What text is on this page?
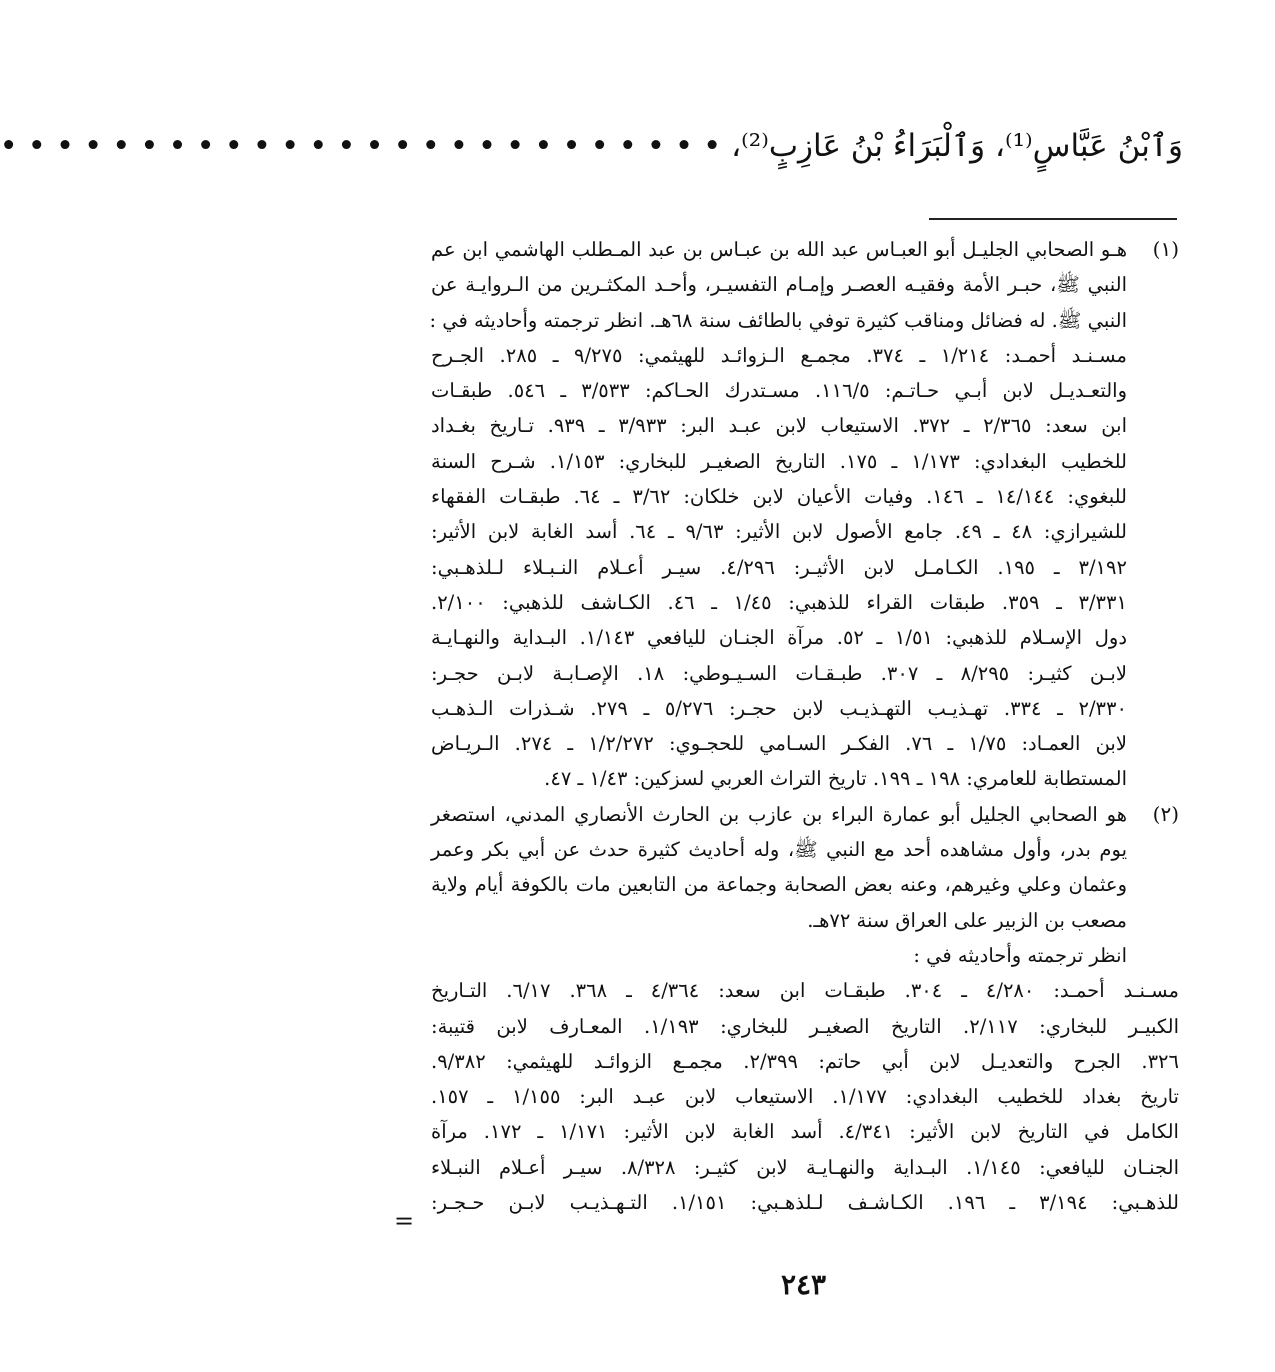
وَٱبْنُ عَبَّاسٍ⁽¹⁾، وَٱلْبَرَاءُ بْنُ عَازِبٍ⁽²⁾، • • • • • • • • • • • • • • • • • • • • • • • • • •
(١)
هـو الصحابي الجليـل أبو العبـاس عبد الله بن عبـاس بن عبد المـطلب الهاشمي ابن عم
النبي ﷺ، حبـر الأمة وفقيـه العصـر وإمـام التفسيـر، وأحـد المكثـرين من الـروايـة عن
النبي ﷺ. له فضائل ومناقب كثيرة توفي بالطائف سنة ٦٨هـ. انظر ترجمته وأحاديثه في :
مسـنـد أحمـد: ١/٢١٤ ـ ٣٧٤. مجمـع الـزوائـد للهيثمي: ٩/٢٧٥ ـ ٢٨٥. الجـرح
والتعـديـل لابن أبـي حـاتـم: ١١٦/٥. مسـتدرك الحـاكم: ٣/٥٣٣ ـ ٥٤٦. طبقـات
ابن سعد: ٢/٣٦٥ ـ ٣٧٢. الاستيعاب لابن عبـد البر: ٣/٩٣٣ ـ ٩٣٩. تـاريخ بغـداد
للخطيب البغدادي: ١/١٧٣ ـ ١٧٥. التاريخ الصغيـر للبخاري: ١/١٥٣. شـرح السنة
للبغوي: ١٤/١٤٤ ـ ١٤٦. وفيات الأعيان لابن خلكان: ٣/٦٢ ـ ٦٤. طبقـات الفقهاء
للشيرازي: ٤٨ ـ ٤٩. جامع الأصول لابن الأثير: ٩/٦٣ ـ ٦٤. أسد الغابة لابن الأثير:
٣/١٩٢ ـ ١٩٥. الكـامـل لابن الأثيـر: ٤/٢٩٦. سيـر أعـلام النـبـلاء لـلذهـبي:
٣/٣٣١ ـ ٣٥٩. طبقات القراء للذهبي: ١/٤٥ ـ ٤٦. الكـاشف للذهبي: ٢/١٠٠.
دول الإسـلام للذهبي: ١/٥١ ـ ٥٢. مرآة الجنـان لليافعي ١/١٤٣. البـداية والنهـايـة
لابـن كثيـر: ٨/٢٩٥ ـ ٣٠٧. طبـقـات السـيـوطي: ١٨. الإصـابـة لابـن حجـر:
٢/٣٣٠ ـ ٣٣٤. تهـذيـب التهـذيـب لابن حجـر: ٥/٢٧٦ ـ ٢٧٩. شـذرات الـذهـب
لابن العمـاد: ١/٧٥ ـ ٧٦. الفكـر السـامي للحجـوي: ١/٢/٢٧٢ ـ ٢٧٤. الـريـاض
المستطابة للعامري: ١٩٨ ـ ١٩٩. تاريخ التراث العربي لسزكين: ١/٤٣ ـ ٤٧.
(٢)
هو الصحابي الجليل أبو عمارة البراء بن عازب بن الحارث الأنصاري المدني، استصغر
يوم بدر، وأول مشاهده أحد مع النبي ﷺ، وله أحاديث كثيرة حدث عن أبي بكر وعمر
وعثمان وعلي وغيرهم، وعنه بعض الصحابة وجماعة من التابعين مات بالكوفة أيام ولاية
مصعب بن الزبير على العراق سنة ٧٢هـ.
انظر ترجمته وأحاديثه في :
مسـنـد أحمـد: ٤/٢٨٠ ـ ٣٠٤. طبقـات ابن سعد: ٤/٣٦٤ ـ ٣٦٨. ٦/١٧. التـاريخ
الكبيـر للبخاري: ٢/١١٧. التاريخ الصغيـر للبخاري: ١/١٩٣. المعـارف لابن قتيبة:
٣٢٦. الجرح والتعديـل لابن أبي حاتم: ٢/٣٩٩. مجمـع الزوائـد للهيثمي: ٩/٣٨٢.
تاريخ بغداد للخطيب البغدادي: ١/١٧٧. الاستيعاب لابن عبـد البر: ١/١٥٥ ـ ١٥٧.
الكامل في التاريخ لابن الأثير: ٤/٣٤١. أسد الغابة لابن الأثير: ١/١٧١ ـ ١٧٢. مرآة
الجنـان لليافعي: ١/١٤٥. البـداية والنهـايـة لابن كثيـر: ٨/٣٢٨. سيـر أعـلام النبـلاء
للذهـبي: ٣/١٩٤ ـ ١٩٦. الكـاشـف لـلذهـبي: ١/١٥١. التـهـذيـب لابـن حـجـر:
=
٢٤٣
